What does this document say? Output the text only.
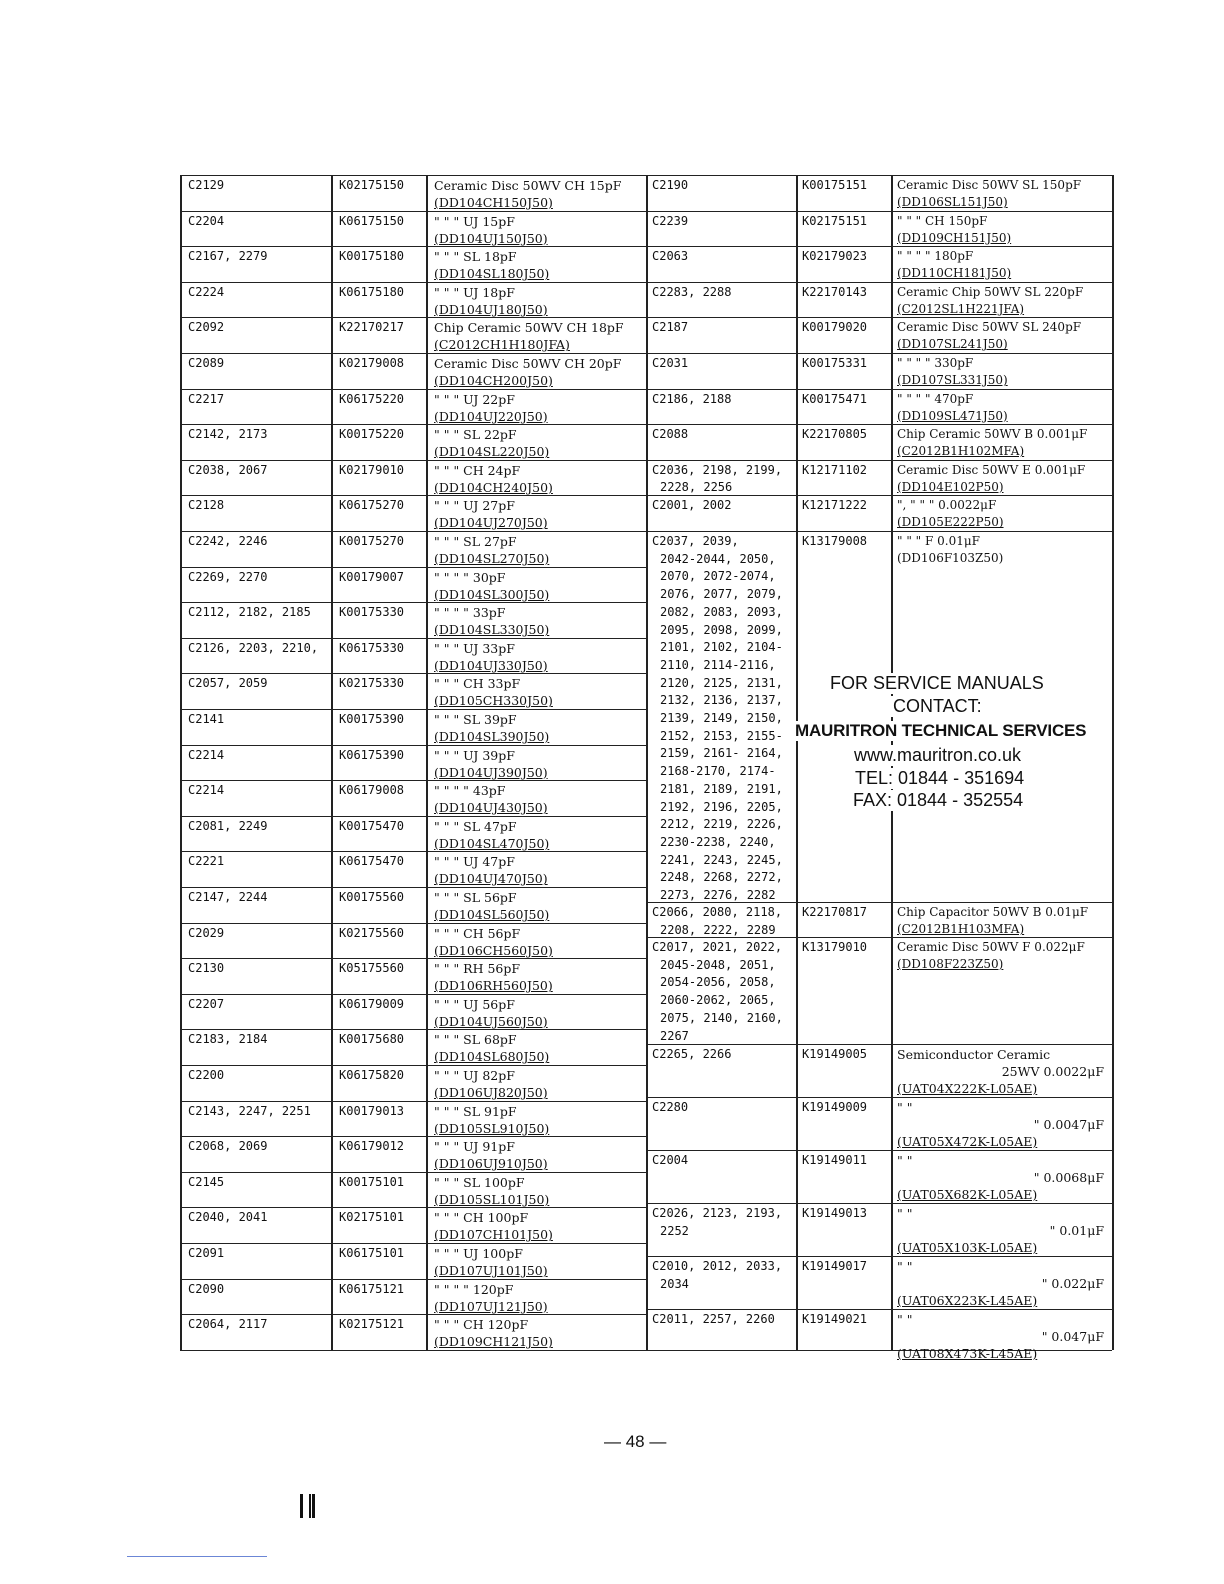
C2129	K02175150 Ceramic Disc 50WV CH 15pF
(DD104CH150J50)
C2204	K06175150 " " " UJ 15pF
(DD104UJ150J50)
C2167, 2279	K00175180 " " " SL 18pF
(DD104SL180J50)
C2224	K06175180 " " " UJ 18pF
(DD104UJ180J50)
C2092	K22170217 Chip Ceramic 50WV CH 18pF
(C2012CH1H180JFA)
C2089	K02179008 Ceramic Disc 50WV CH 20pF
(DD104CH200J50)
C2217	K06175220 " " " UJ 22pF
(DD104UJ220J50)
C2142, 2173	K00175220 " " " SL 22pF
(DD104SL220J50)
C2038, 2067	K02179010 " " " CH 24pF
(DD104CH240J50)
C2128	K06175270 " " " UJ 27pF
(DD104UJ270J50)
C2242, 2246	K00175270 " " " SL 27pF
(DD104SL270J50)
C2269, 2270	K00179007 " " " " 30pF
(DD104SL300J50)
C2112, 2182, 2185 K00175330 " " " " 33pF
(DD104SL330J50)
C2126, 2203, 2210, K06175330 " " " UJ 33pF
(DD104UJ330J50)
C2057, 2059	K02175330 " " " CH 33pF
(DD105CH330J50)
C2141	K00175390 " " " SL 39pF
(DD104SL390J50)
C2214	K06175390 " " " UJ 39pF
(DD104UJ390J50)
C2214	K06179008 " " " " 43pF
(DD104UJ430J50)
C2081, 2249	K00175470 " " " SL 47pF
(DD104SL470J50)
C2221	K06175470 " " " UJ 47pF
(DD104UJ470J50)
C2147, 2244	K00175560 " " " SL 56pF
(DD104SL560J50)
C2029	K02175560 " " " CH 56pF
(DD106CH560J50)
C2130	K05175560 " " " RH 56pF
(DD106RH560J50)
C2207	K06179009 " " " UJ 56pF
(DD104UJ560J50)
C2183, 2184	K00175680 " " " SL 68pF
(DD104SL680J50)
C2200	K06175820 " " " UJ 82pF
(DD106UJ820J50)
C2143, 2247, 2251 K00179013 " " " SL 91pF
(DD105SL910J50)
C2068, 2069	K06179012 " " " UJ 91pF
(DD106UJ910J50)
C2145	K00175101 " " " SL 100pF
(DD105SL101J50)
C2040, 2041	K02175101 " " " CH 100pF
(DD107CH101J50)
C2091	K06175101 " " " UJ 100pF
(DD107UJ101J50)
C2090	K06175121 " " " " 120pF
(DD107UJ121J50)
C2064, 2117	K02175121 " " " CH 120pF
(DD109CH121J50)
C2190	K00175151 Ceramic Disc 50WV SL 150pF
(DD106SL151J50)
C2239	K02175151 " " " CH 150pF
(DD109CH151J50)
C2063	K02179023 " " " " 180pF
(DD110CH181J50)
C2283, 2288	K22170143 Ceramic Chip 50WV SL 220pF
(C2012SL1H221JFA)
C2187	K00179020 Ceramic Disc 50WV SL 240pF
(DD107SL241J50)
C2031	K00175331 " " " " 330pF
(DD107SL331J50)
C2186, 2188	K00175471 " " " " 470pF
(DD109SL471J50)
C2088	K22170805 Chip Ceramic 50WV B 0.001μF
(C2012B1H102MFA)
C2036, 2198, 2199,
2228, 2256
K12171102 Ceramic Disc 50WV E 0.001μF
(DD104E102P50)
C2001, 2002	K12171222 ", " " " 0.0022μF
(DD105E222P50)
C2037, 2039,
2042-2044, 2050,
2070, 2072-2074,
2076, 2077, 2079,
2082, 2083, 2093,
2095, 2098, 2099,
2101, 2102, 2104-
2110, 2114-2116,
2120, 2125, 2131,
2132, 2136, 2137,
2139, 2149, 2150,
2152, 2153, 2155-
2159, 2161- 2164,
2168-2170, 2174-
2181, 2189, 2191,
2192, 2196, 2205,
2212, 2219, 2226,
2230-2238, 2240,
2241, 2243, 2245,
2248, 2268, 2272,
2273, 2276, 2282
K13179008 " " " F 0.01μF
(DD106F103Z50)
C2066, 2080, 2118,
2208, 2222, 2289
K22170817 Chip Capacitor 50WV B 0.01μF
(C2012B1H103MFA)
C2017, 2021, 2022,
2045-2048, 2051,
2054-2056, 2058,
2060-2062, 2065,
2075, 2140, 2160,
2267
K13179010 Ceramic Disc 50WV F 0.022μF
(DD108F223Z50)
C2265, 2266	K19149005 Semiconductor Ceramic
25WV 0.0022μF
(UAT04X222K-L05AE)
C2280	K19149009 " "
" 0.0047μF
(UAT05X472K-L05AE)
C2004	K19149011 " "
" 0.0068μF
(UAT05X682K-L05AE)
C2026, 2123, 2193,
2252
K19149013 " "
" 0.01μF
(UAT05X103K-L05AE)
C2010, 2012, 2033,
2034
K19149017 " "
" 0.022μF
(UAT06X223K-L45AE)
C2011, 2257, 2260 K19149021 " "
" 0.047μF
(UAT08X473K-L45AE)
FOR SERVICE MANUALS
CONTACT:
MAURITRON TECHNICAL SERVICES
www.mauritron.co.uk
TEL: 01844 - 351694
FAX: 01844 - 352554
— 48 —
